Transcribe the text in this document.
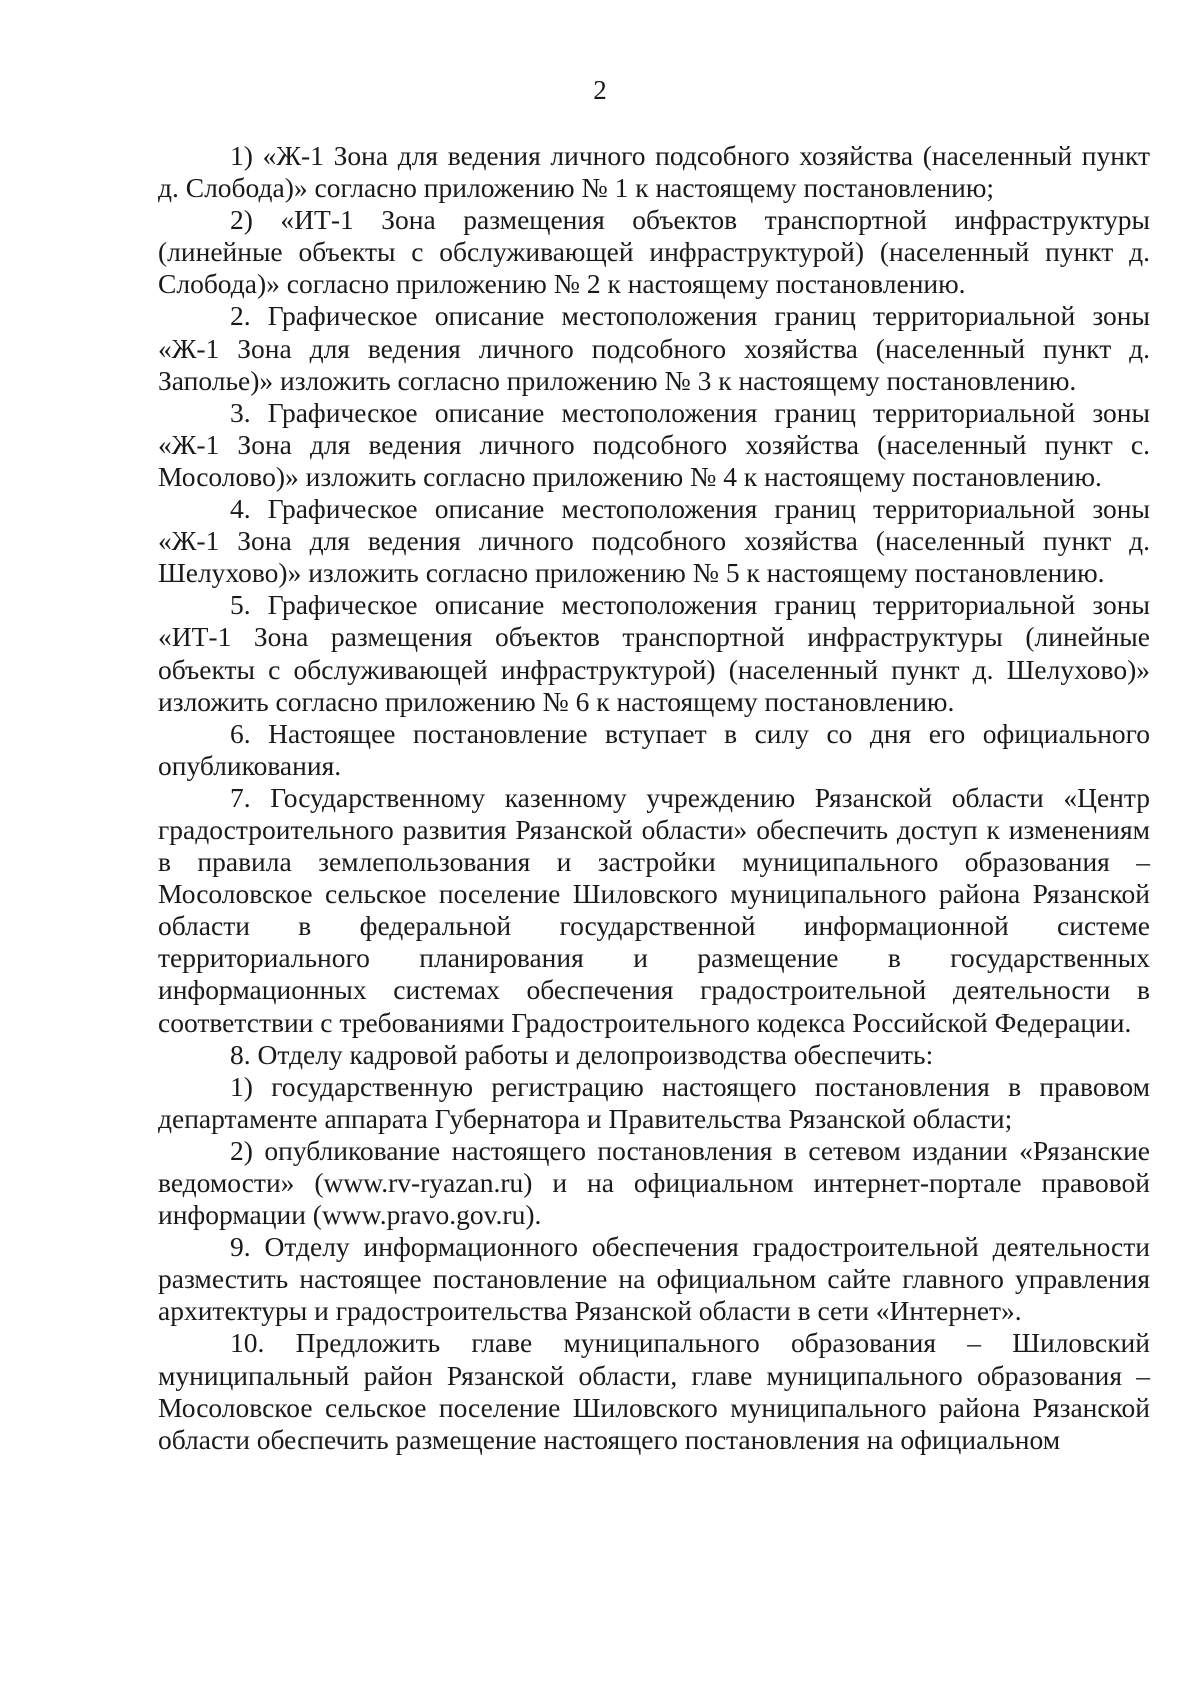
2

1) «Ж-1 Зона для ведения личного подсобного хозяйства (населенный пункт д. Слобода)» согласно приложению № 1 к настоящему постановлению;

2) «ИТ-1 Зона размещения объектов транспортной инфраструктуры (линейные объекты с обслуживающей инфраструктурой) (населенный пункт д. Слобода)» согласно приложению № 2 к настоящему постановлению.

2. Графическое описание местоположения границ территориальной зоны «Ж-1 Зона для ведения личного подсобного хозяйства (населенный пункт д. Заполье)» изложить согласно приложению № 3 к настоящему постановлению.

3. Графическое описание местоположения границ территориальной зоны «Ж-1 Зона для ведения личного подсобного хозяйства (населенный пункт с. Мосолово)» изложить согласно приложению № 4 к настоящему постановлению.

4. Графическое описание местоположения границ территориальной зоны «Ж-1 Зона для ведения личного подсобного хозяйства (населенный пункт д. Шелухово)» изложить согласно приложению № 5 к настоящему постановлению.

5. Графическое описание местоположения границ территориальной зоны «ИТ-1 Зона размещения объектов транспортной инфраструктуры (линейные объекты с обслуживающей инфраструктурой) (населенный пункт д. Шелухово)» изложить согласно приложению № 6 к настоящему постановлению.

6. Настоящее постановление вступает в силу со дня его официального опубликования.

7. Государственному казенному учреждению Рязанской области «Центр градостроительного развития Рязанской области» обеспечить доступ к изменениям в правила землепользования и застройки муниципального образования – Мосоловское сельское поселение Шиловского муниципального района Рязанской области в федеральной государственной информационной системе территориального планирования и размещение в государственных информационных системах обеспечения градостроительной деятельности в соответствии с требованиями Градостроительного кодекса Российской Федерации.

8. Отделу кадровой работы и делопроизводства обеспечить:

1) государственную регистрацию настоящего постановления в правовом департаменте аппарата Губернатора и Правительства Рязанской области;

2) опубликование настоящего постановления в сетевом издании «Рязанские ведомости» (www.rv-ryazan.ru) и на официальном интернет-портале правовой информации (www.pravo.gov.ru).

9. Отделу информационного обеспечения градостроительной деятельности разместить настоящее постановление на официальном сайте главного управления архитектуры и градостроительства Рязанской области в сети «Интернет».

10. Предложить главе муниципального образования – Шиловский муниципальный район Рязанской области, главе муниципального образования – Мосоловское сельское поселение Шиловского муниципального района Рязанской области обеспечить размещение настоящего постановления на официальном
